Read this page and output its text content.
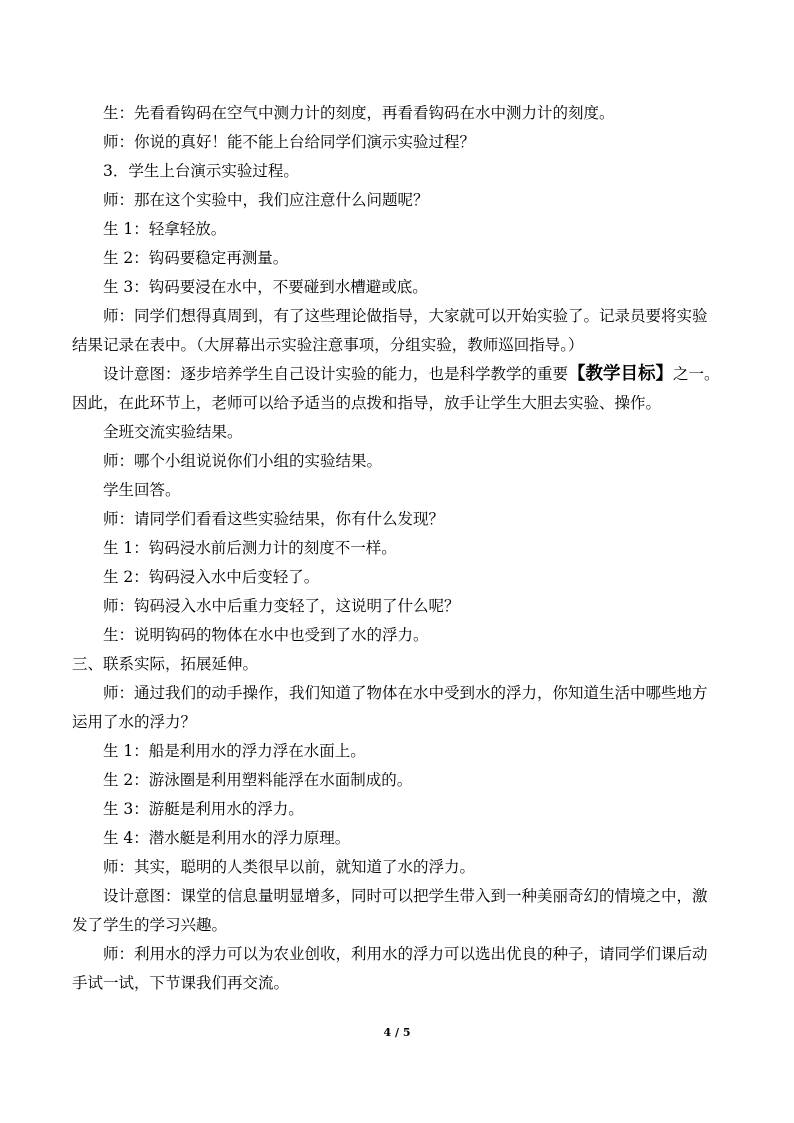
生：先看看钩码在空气中测力计的刻度，再看看钩码在水中测力计的刻度。

师：你说的真好！能不能上台给同学们演示实验过程？

3．学生上台演示实验过程。

师：那在这个实验中，我们应注意什么问题呢？

生 1：轻拿轻放。

生 2：钩码要稳定再测量。

生 3：钩码要浸在水中，不要碰到水槽避或底。

师：同学们想得真周到，有了这些理论做指导，大家就可以开始实验了。记录员要将实验结果记录在表中。（大屏幕出示实验注意事项，分组实验，教师巡回指导。）

设计意图：逐步培养学生自己设计实验的能力，也是科学教学的重要【教学目标】之一。因此，在此环节上，老师可以给予适当的点拨和指导，放手让学生大胆去实验、操作。

全班交流实验结果。

师：哪个小组说说你们小组的实验结果。

学生回答。

师：请同学们看看这些实验结果，你有什么发现？

生 1：钩码浸水前后测力计的刻度不一样。

生 2：钩码浸入水中后变轻了。

师：钩码浸入水中后重力变轻了，这说明了什么呢？

生：说明钩码的物体在水中也受到了水的浮力。

三、联系实际，拓展延伸。

师：通过我们的动手操作，我们知道了物体在水中受到水的浮力，你知道生活中哪些地方运用了水的浮力？

生 1：船是利用水的浮力浮在水面上。

生 2：游泳圈是利用塑料能浮在水面制成的。

生 3：游艇是利用水的浮力。

生 4：潜水艇是利用水的浮力原理。

师：其实，聪明的人类很早以前，就知道了水的浮力。

设计意图：课堂的信息量明显增多，同时可以把学生带入到一种美丽奇幻的情境之中，激发了学生的学习兴趣。

师：利用水的浮力可以为农业创收，利用水的浮力可以选出优良的种子，请同学们课后动手试一试，下节课我们再交流。

4 / 5
